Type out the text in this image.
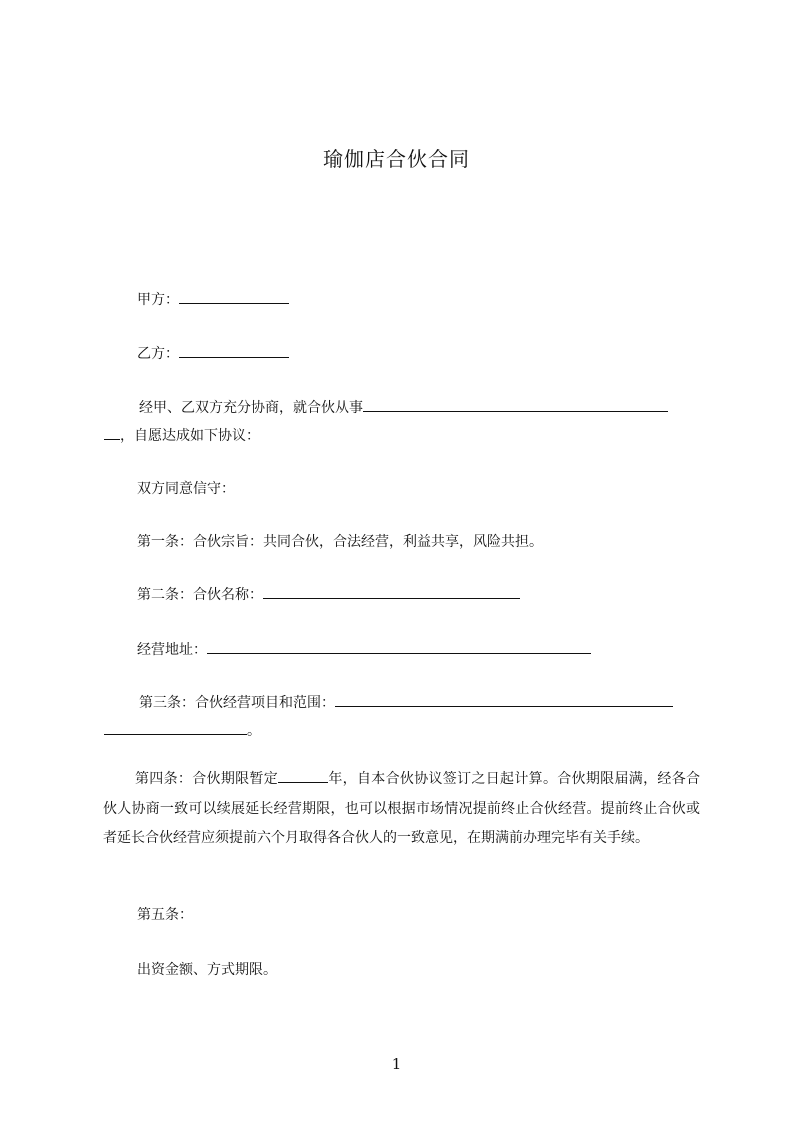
瑜伽店合伙合同
甲方：
乙方：
经甲、乙双方充分协商，就合伙从事
，自愿达成如下协议：
双方同意信守：
第一条：合伙宗旨：共同合伙，合法经营，利益共享，风险共担。
第二条：合伙名称：
经营地址：
第三条：合伙经营项目和范围：
。
第四条：合伙期限暂定	年，自本合伙协议签订之日起计算。合伙期限届满，经各合伙人协商一致可以续展延长经营期限，也可以根据市场情况提前终止合伙经营。提前终止合伙或者延长合伙经营应须提前六个月取得各合伙人的一致意见，在期满前办理完毕有关手续。
第五条：
出资金额、方式期限。
1
